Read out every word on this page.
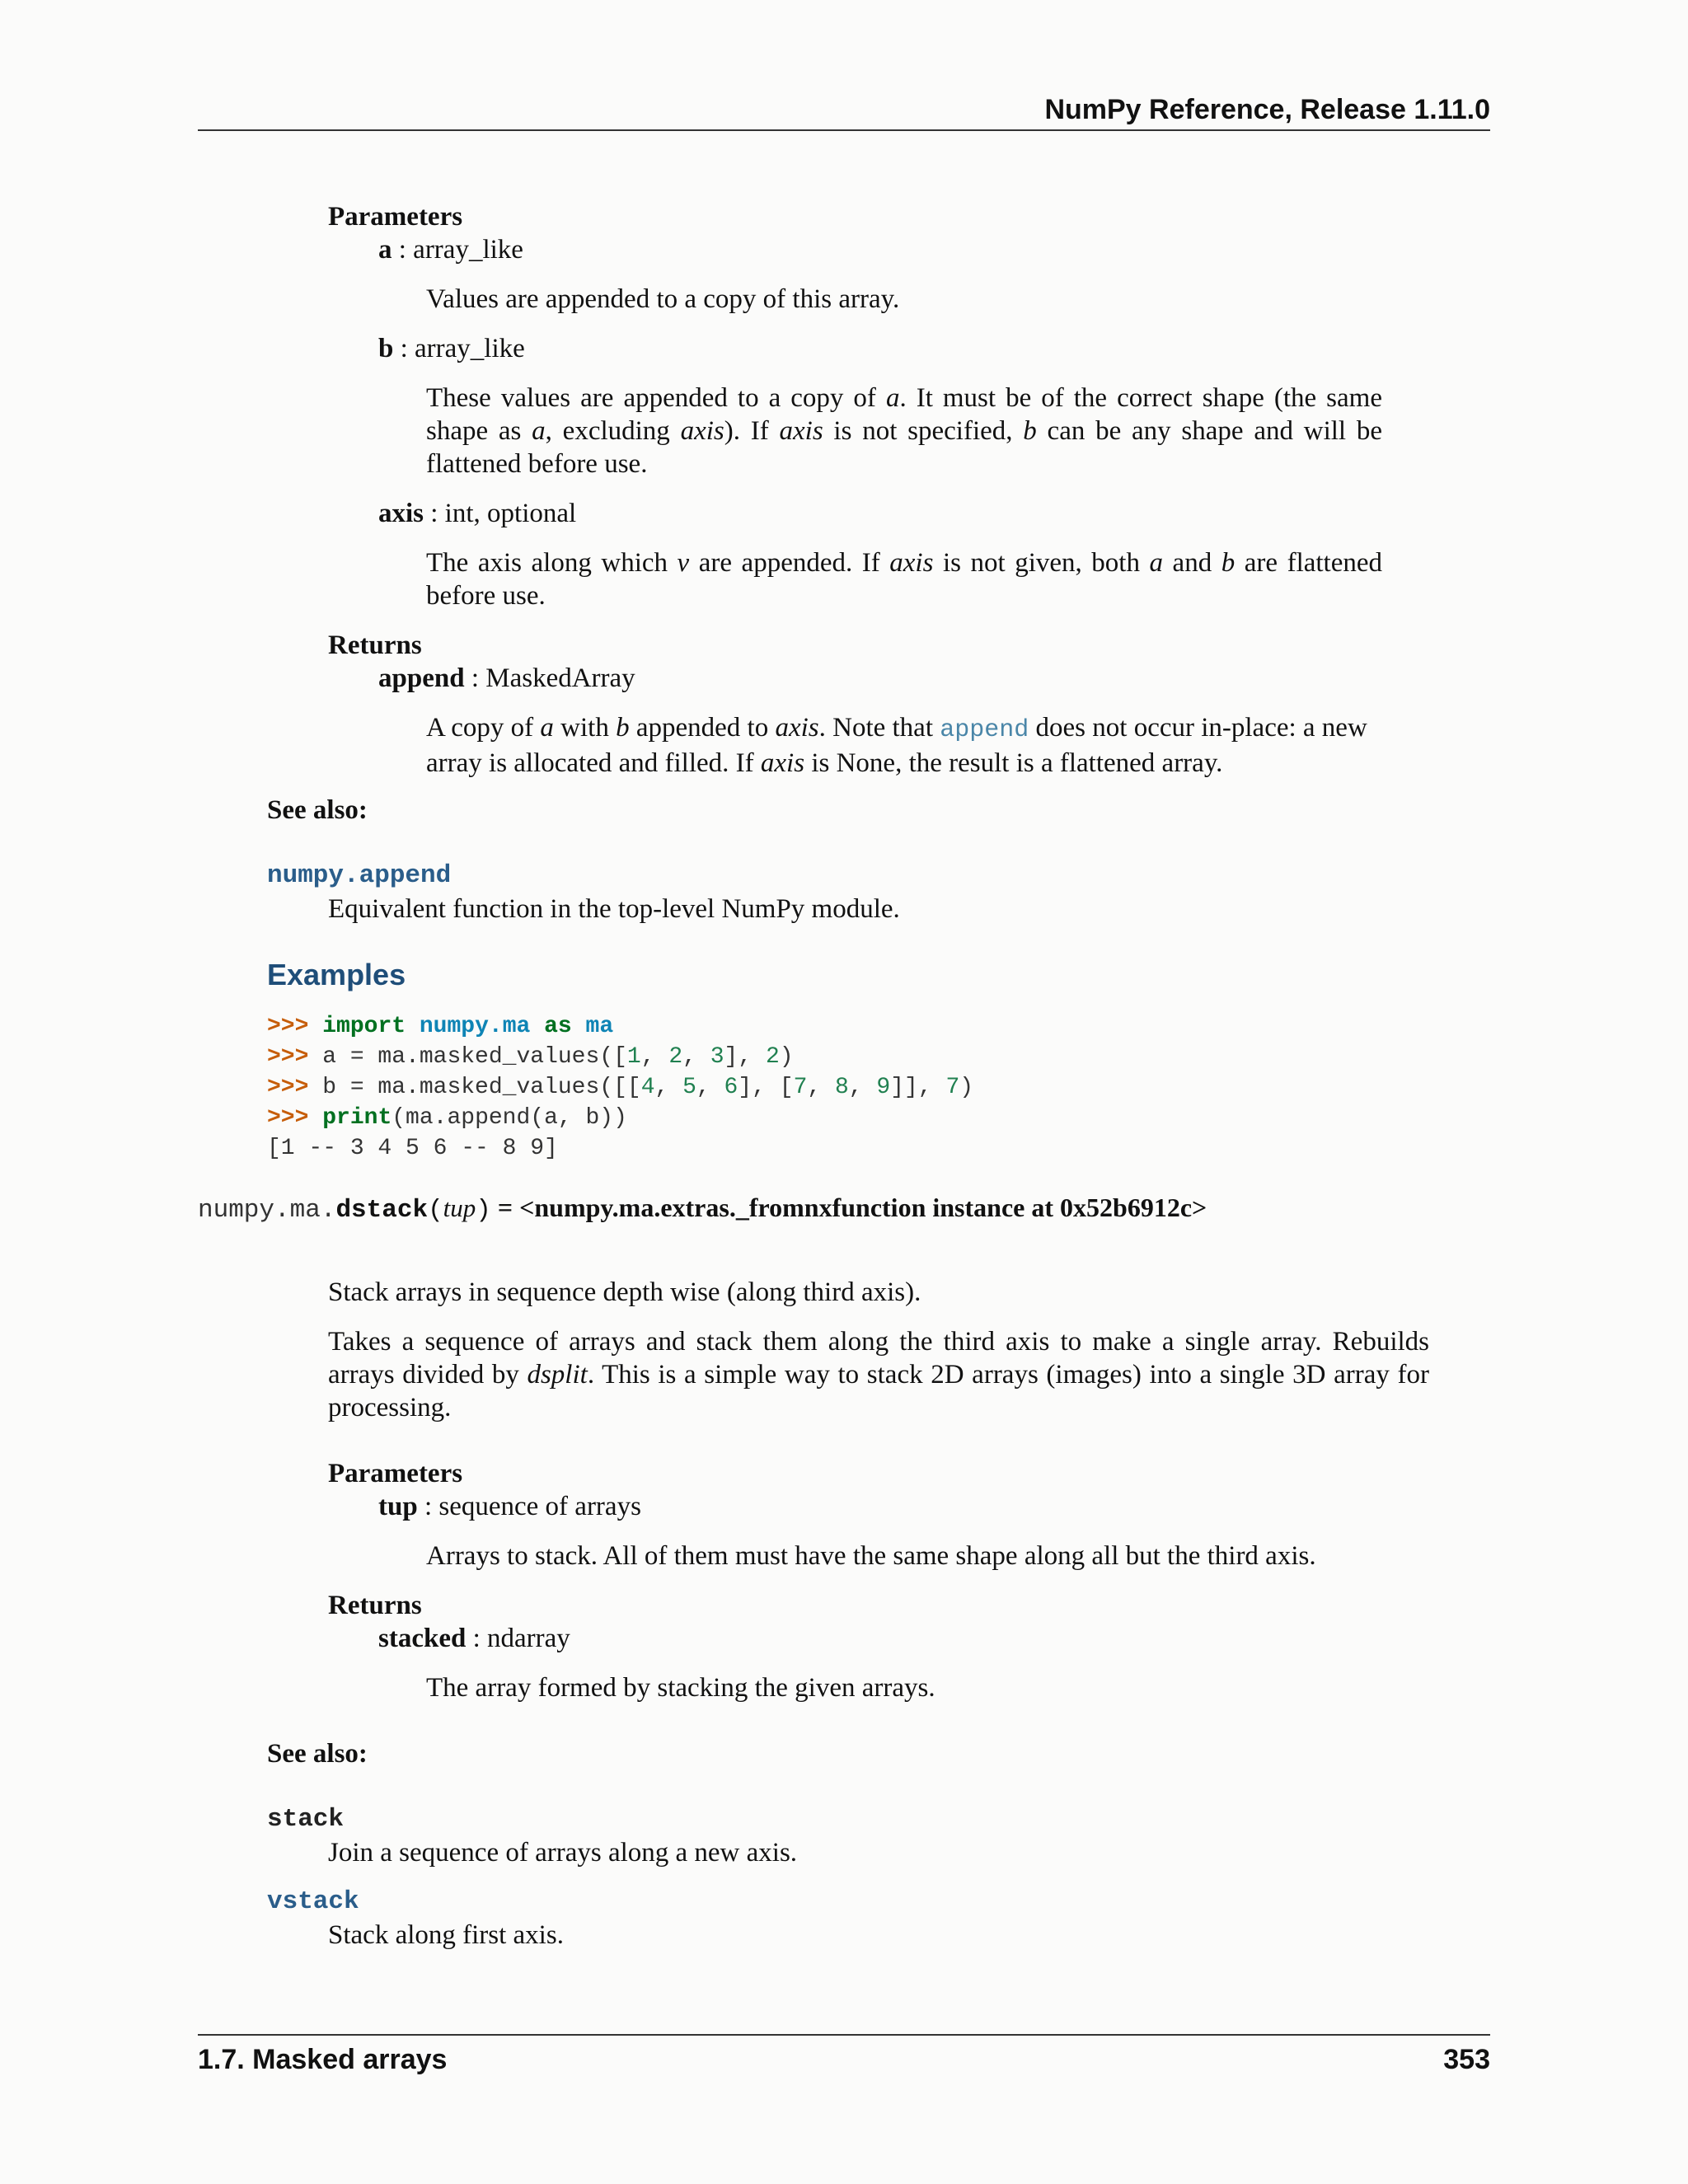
NumPy Reference, Release 1.11.0
Parameters
a : array_like
Values are appended to a copy of this array.
b : array_like
These values are appended to a copy of a. It must be of the correct shape (the same shape as a, excluding axis). If axis is not specified, b can be any shape and will be flattened before use.
axis : int, optional
The axis along which v are appended. If axis is not given, both a and b are flattened before use.
Returns
append : MaskedArray
A copy of a with b appended to axis. Note that append does not occur in-place: a new array is allocated and filled. If axis is None, the result is a flattened array.
See also:
numpy.append
Equivalent function in the top-level NumPy module.
Examples
>>> import numpy.ma as ma
>>> a = ma.masked_values([1, 2, 3], 2)
>>> b = ma.masked_values([[4, 5, 6], [7, 8, 9]], 7)
>>> print(ma.append(a, b))
[1 -- 3 4 5 6 -- 8 9]
numpy.ma.dstack(tup) = <numpy.ma.extras._fromnxfunction instance at 0x52b6912c>
Stack arrays in sequence depth wise (along third axis).
Takes a sequence of arrays and stack them along the third axis to make a single array. Rebuilds arrays divided by dsplit. This is a simple way to stack 2D arrays (images) into a single 3D array for processing.
Parameters
tup : sequence of arrays
Arrays to stack. All of them must have the same shape along all but the third axis.
Returns
stacked : ndarray
The array formed by stacking the given arrays.
See also:
stack
Join a sequence of arrays along a new axis.
vstack
Stack along first axis.
1.7. Masked arrays	353
